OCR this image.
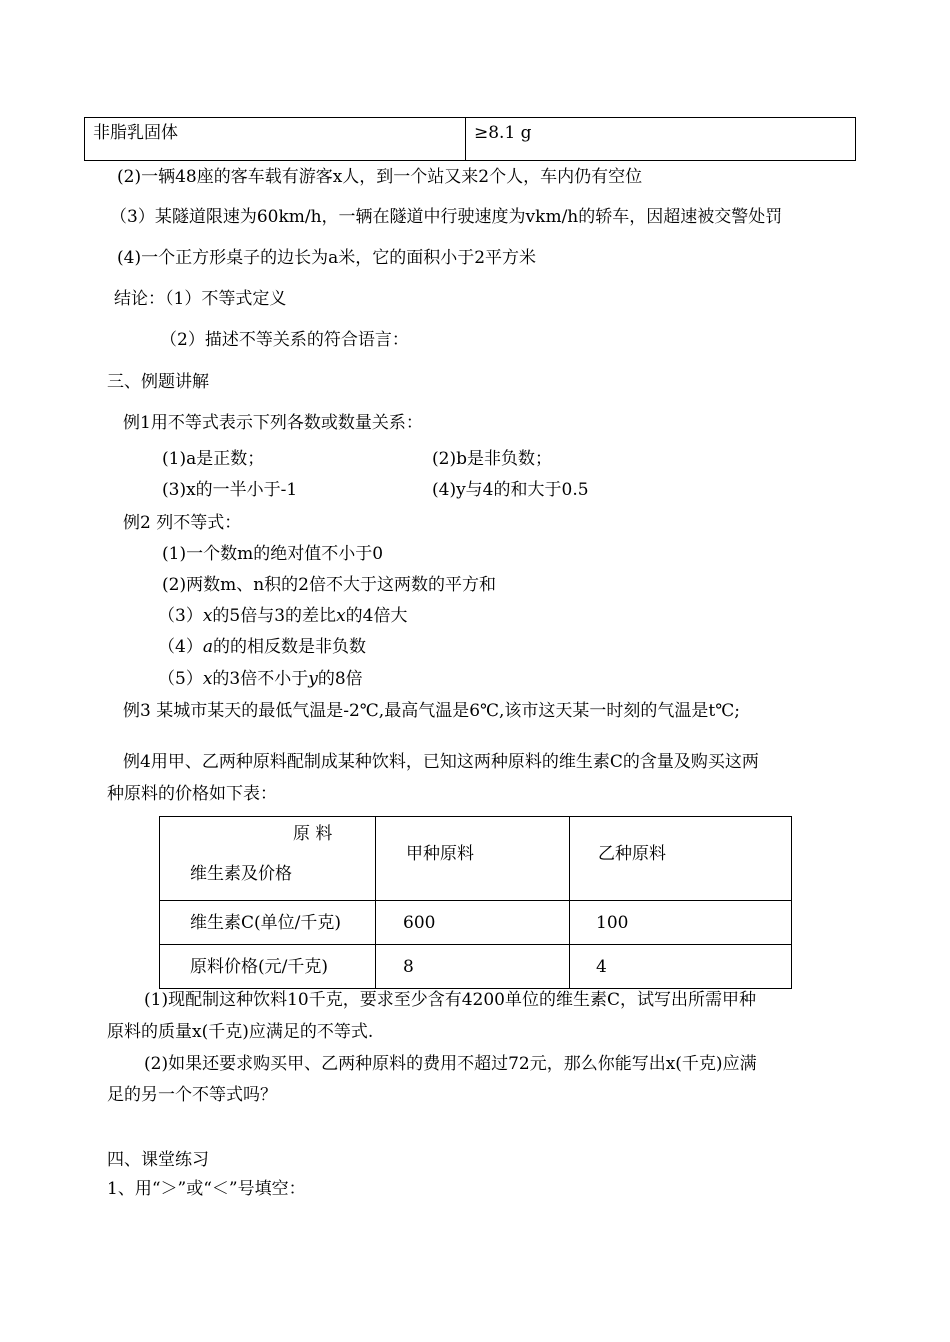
非脂乳固体	≥8.1 g
(2)一辆48座的客车载有游客x人，到一个站又来2个人，车内仍有空位
（3）某隧道限速为60km/h，一辆在隧道中行驶速度为vkm/h的轿车，因超速被交警处罚
(4)一个正方形桌子的边长为a米，它的面积小于2平方米
结论：（1）不等式定义
（2）描述不等关系的符合语言：
三、例题讲解
例1用不等式表示下列各数或数量关系：
(1)a是正数；	(2)b是非负数；
(3)x的一半小于-1	(4)y与4的和大于0.5
例2 列不等式：
(1)一个数m的绝对值不小于0
(2)两数m、n积的2倍不大于这两数的平方和
（3）x的5倍与3的差比x的4倍大
（4）a的的相反数是非负数
（5）x的3倍不小于y的8倍
例3 某城市某天的最低气温是-2℃,最高气温是6℃,该市这天某一时刻的气温是t℃;
例4用甲、乙两种原料配制成某种饮料，已知这两种原料的维生素C的含量及购买这两
种原料的价格如下表：
原 料
维生素及价格	甲种原料	乙种原料

维生素C(单位/千克)	600	100

原料价格(元/千克)	8	4
(1)现配制这种饮料10千克，要求至少含有4200单位的维生素C，试写出所需甲种
原料的质量x(千克)应满足的不等式.
(2)如果还要求购买甲、乙两种原料的费用不超过72元，那么你能写出x(千克)应满
足的另一个不等式吗？
四、课堂练习
1、用“＞”或“＜”号填空：
